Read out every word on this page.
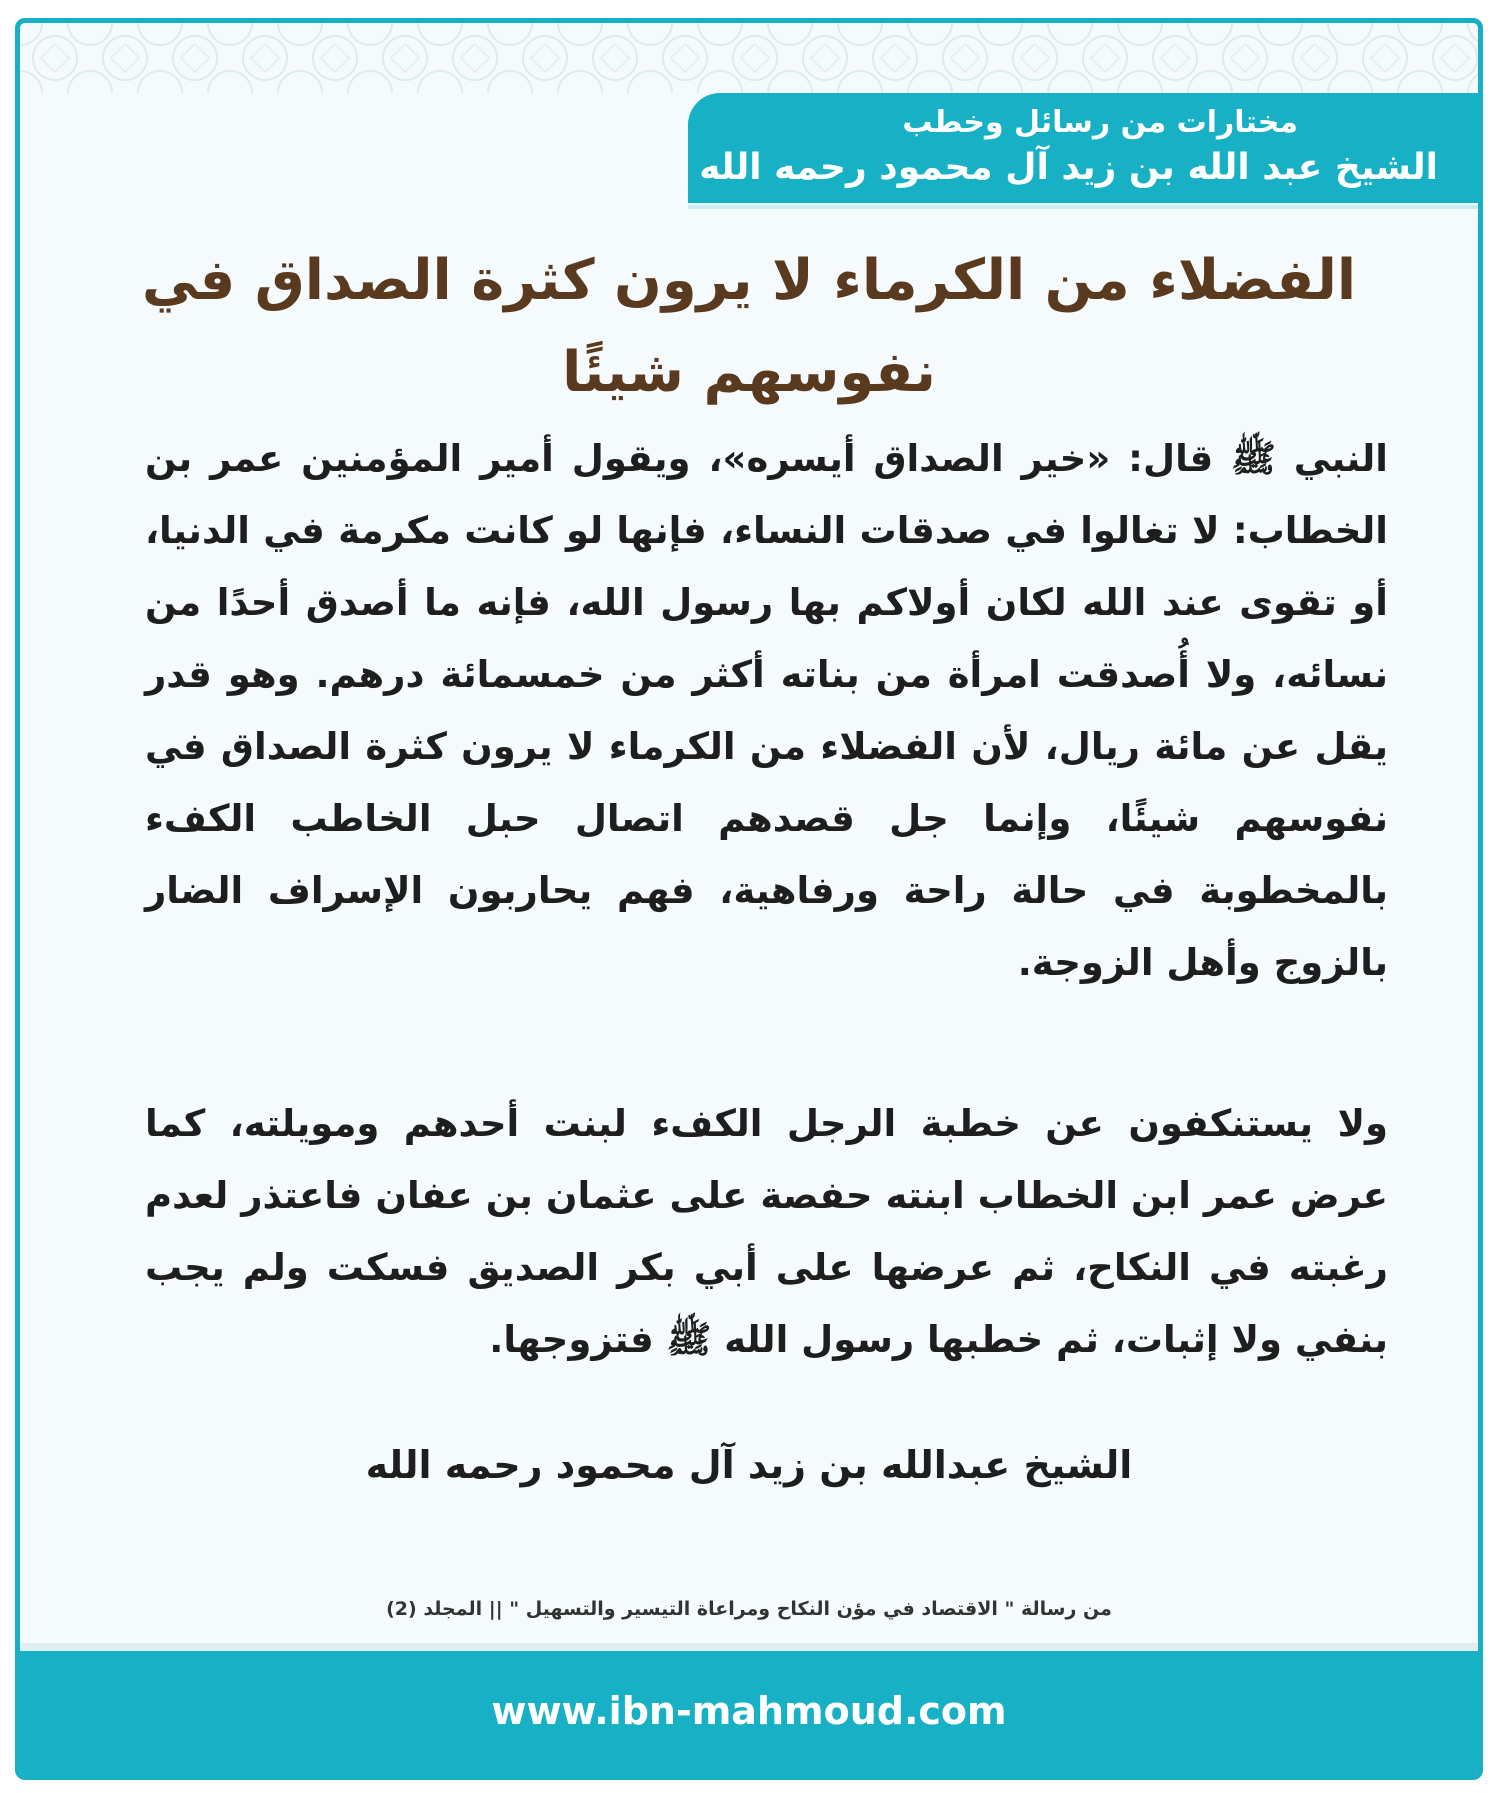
مختارات من رسائل وخطب
الشيخ عبد الله بن زيد آل محمود رحمه الله
الفضلاء من الكرماء لا يرون كثرة الصداق في نفوسهم شيئًا
النبي ﷺ قال: «خير الصداق أيسره»، ويقول أمير المؤمنين عمر بن الخطاب: لا تغالوا في صدقات النساء، فإنها لو كانت مكرمة في الدنيا، أو تقوى عند الله لكان أولاكم بها رسول الله، فإنه ما أصدق أحدًا من نسائه، ولا أُصدقت امرأة من بناته أكثر من خمسمائة درهم. وهو قدر يقل عن مائة ريال، لأن الفضلاء من الكرماء لا يرون كثرة الصداق في نفوسهم شيئًا، وإنما جل قصدهم اتصال حبل الخاطب الكفء بالمخطوبة في حالة راحة ورفاهية، فهم يحاربون الإسراف الضار بالزوج وأهل الزوجة.
ولا يستنكفون عن خطبة الرجل الكفء لبنت أحدهم ومويلته، كما عرض عمر ابن الخطاب ابنته حفصة على عثمان بن عفان فاعتذر لعدم رغبته في النكاح، ثم عرضها على أبي بكر الصديق فسكت ولم يجب بنفي ولا إثبات، ثم خطبها رسول الله ﷺ فتزوجها.
الشيخ عبدالله بن زيد آل محمود رحمه الله
من رسالة " الاقتصاد في مؤن النكاح ومراعاة التيسير والتسهيل " || المجلد (2)
www.ibn-mahmoud.com
